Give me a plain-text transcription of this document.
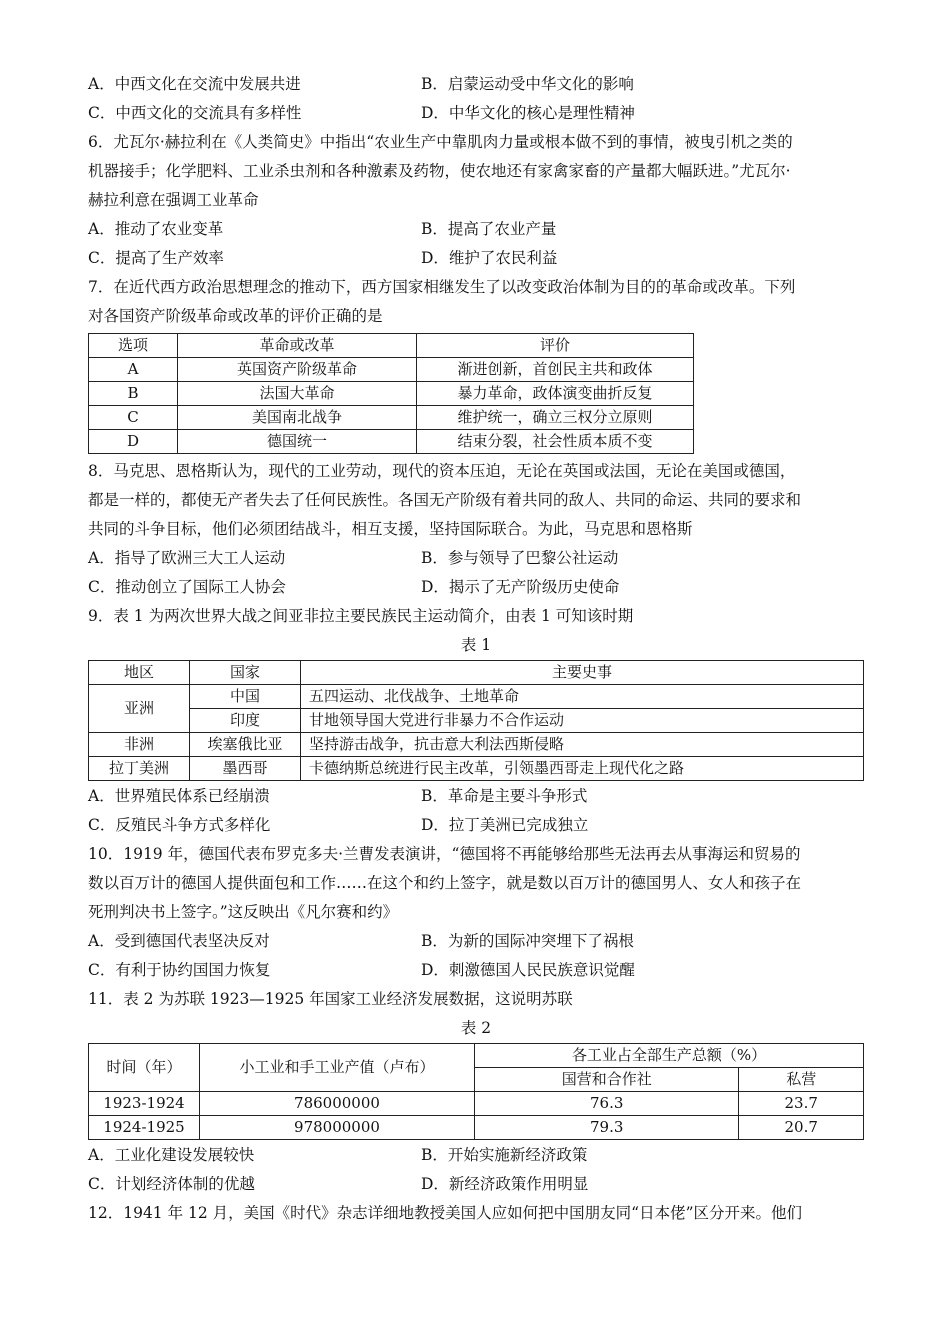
A．中西文化在交流中发展共进	B．启蒙运动受中华文化的影响
C．中西文化的交流具有多样性	D．中华文化的核心是理性精神
6．尤瓦尔·赫拉利在《人类简史》中指出“农业生产中靠肌肉力量或根本做不到的事情，被曳引机之类的
机器接手；化学肥料、工业杀虫剂和各种激素及药物，使农地还有家禽家畜的产量都大幅跃进。”尤瓦尔·
赫拉利意在强调工业革命
A．推动了农业变革	B．提高了农业产量
C．提高了生产效率	D．维护了农民利益
7．在近代西方政治思想理念的推动下，西方国家相继发生了以改变政治体制为目的的革命或改革。下列
对各国资产阶级革命或改革的评价正确的是
选项	革命或改革	评价
A	英国资产阶级革命	渐进创新，首创民主共和政体
B	法国大革命	暴力革命，政体演变曲折反复
C	美国南北战争	维护统一，确立三权分立原则
D	德国统一	结束分裂，社会性质本质不变
8．马克思、恩格斯认为，现代的工业劳动，现代的资本压迫，无论在英国或法国，无论在美国或德国，
都是一样的，都使无产者失去了任何民族性。各国无产阶级有着共同的敌人、共同的命运、共同的要求和
共同的斗争目标，他们必须团结战斗，相互支援，坚持国际联合。为此，马克思和恩格斯
A．指导了欧洲三大工人运动	B．参与领导了巴黎公社运动
C．推动创立了国际工人协会	D．揭示了无产阶级历史使命
9．表 1 为两次世界大战之间亚非拉主要民族民主运动简介，由表 1 可知该时期
表 1
地区	国家	主要史事
亚洲	中国	五四运动、北伐战争、土地革命
	印度	甘地领导国大党进行非暴力不合作运动
非洲	埃塞俄比亚	坚持游击战争，抗击意大利法西斯侵略
拉丁美洲	墨西哥	卡德纳斯总统进行民主改革，引领墨西哥走上现代化之路
A．世界殖民体系已经崩溃	B．革命是主要斗争形式
C．反殖民斗争方式多样化	D．拉丁美洲已完成独立
10．1919 年，德国代表布罗克多夫·兰曹发表演讲，“德国将不再能够给那些无法再去从事海运和贸易的
数以百万计的德国人提供面包和工作……在这个和约上签字，就是数以百万计的德国男人、女人和孩子在
死刑判决书上签字。”这反映出《凡尔赛和约》
A．受到德国代表坚决反对	B．为新的国际冲突埋下了祸根
C．有利于协约国国力恢复	D．刺激德国人民民族意识觉醒
11．表 2 为苏联 1923—1925 年国家工业经济发展数据，这说明苏联
表 2
时间（年）	小工业和手工业产值（卢布）	各工业占全部生产总额（%）	
		国营和合作社	私营
1923-1924	786000000	76.3	23.7
1924-1925	978000000	79.3	20.7
A．工业化建设发展较快	B．开始实施新经济政策
C．计划经济体制的优越	D．新经济政策作用明显
12．1941 年 12 月，美国《时代》杂志详细地教授美国人应如何把中国朋友同“日本佬”区分开来。他们
